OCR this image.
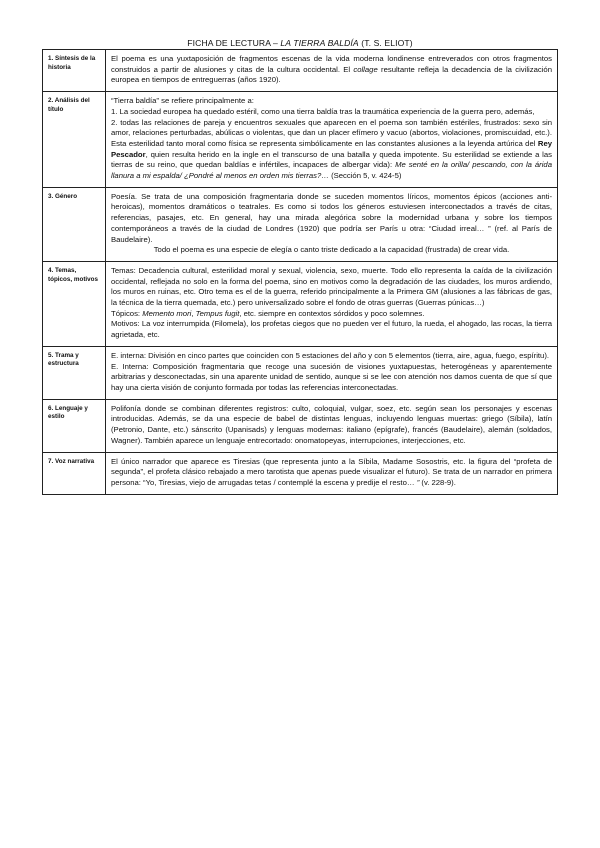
FICHA DE LECTURA – LA TIERRA BALDÍA (T. S. ELIOT)
1. Síntesis de la historia	El poema es una yuxtaposición de fragmentos escenas de la vida moderna londinense entreverados con otros fragmentos construidos a partir de alusiones y citas de la cultura occidental. El collage resultante refleja la decadencia de la civilización europea en tiempos de entreguerras (años 1920).

2. Análisis del título	“Tierra baldía” se refiere principalmente a:

1. La sociedad europea ha quedado estéril, como una tierra baldía tras la traumática experiencia de la guerra pero, además,

2. todas las relaciones de pareja y encuentros sexuales que aparecen en el poema son también estériles, frustrados: sexo sin amor, relaciones perturbadas, abúlicas o violentas, que dan un placer efímero y vacuo (abortos, violaciones, promiscuidad, etc.). Esta esterilidad tanto moral como física se representa simbólicamente en las constantes alusiones a la leyenda artúrica del Rey Pescador, quien resulta herido en la ingle en el transcurso de una batalla y queda impotente. Su esterilidad se extiende a las tierras de su reino, que quedan baldías e infértiles, incapaces de albergar vida): Me senté en la orilla/ pescando, con la árida llanura a mi espalda/ ¿Pondré al menos en orden mis tierras?… (Sección 5, v. 424-5)

3. Género	Poesía. Se trata de una composición fragmentaria donde se suceden momentos líricos, momentos épicos (acciones anti-heroicas), momentos dramáticos o teatrales. Es como si todos los géneros estuviesen interconectados a través de citas, referencias, pasajes, etc. En general, hay una mirada alegórica sobre la modernidad urbana y sobre los tiempos contemporáneos a través de la ciudad de Londres (1920) que podría ser París u otra: “Ciudad irreal… ” (ref. al París de Baudelaire).

Todo el poema es una especie de elegía o canto triste dedicado a la capacidad (frustrada) de crear vida.

4. Temas, tópicos, motivos	Temas: Decadencia cultural, esterilidad moral y sexual, violencia, sexo, muerte. Todo ello representa la caída de la civilización occidental, reflejada no solo en la forma del poema, sino en motivos como la degradación de las ciudades, los muros ardiendo, los muros en ruinas, etc. Otro tema es el de la guerra, referido principalmente a la Primera GM (alusiones a las fábricas de gas, la técnica de la tierra quemada, etc.) pero universalizado sobre el fondo de otras guerras (Guerras púnicas…)

Tópicos: Memento mori, Tempus fugit, etc. siempre en contextos sórdidos y poco solemnes.

Motivos: La voz interrumpida (Filomela), los profetas ciegos que no pueden ver el futuro, la rueda, el ahogado, las rocas, la tierra agrietada, etc.

5. Trama y estructura	E. interna: División en cinco partes que coinciden con 5 estaciones del año y con 5 elementos (tierra, aire, agua, fuego, espíritu).

E. Interna: Composición fragmentaria que recoge una sucesión de visiones yuxtapuestas, heterogéneas y aparentemente arbitrarias y desconectadas, sin una aparente unidad de sentido, aunque si se lee con atención nos damos cuenta de que sí que hay una cierta visión de conjunto formada por todas las referencias interconectadas.

6. Lenguaje y estilo	Polifonía donde se combinan diferentes registros: culto, coloquial, vulgar, soez, etc. según sean los personajes y escenas introducidas. Además, se da una especie de babel de distintas lenguas, incluyendo lenguas muertas: griego (Síbila), latín (Petronio, Dante, etc.) sánscrito (Upanisads) y lenguas modernas: italiano (epígrafe), francés (Baudelaire), alemán (soldados, Wagner). También aparece un lenguaje entrecortado: onomatopeyas, interrupciones, interjecciones, etc.

7. Voz narrativa	El único narrador que aparece es Tiresias (que representa junto a la Síbila, Madame Sosostris, etc. la figura del “profeta de segunda”, el profeta clásico rebajado a mero tarotista que apenas puede visualizar el futuro). Se trata de un narrador en primera persona: “Yo, Tiresias, viejo de arrugadas tetas / contemplé la escena y predije el resto… ” (v. 228-9).
